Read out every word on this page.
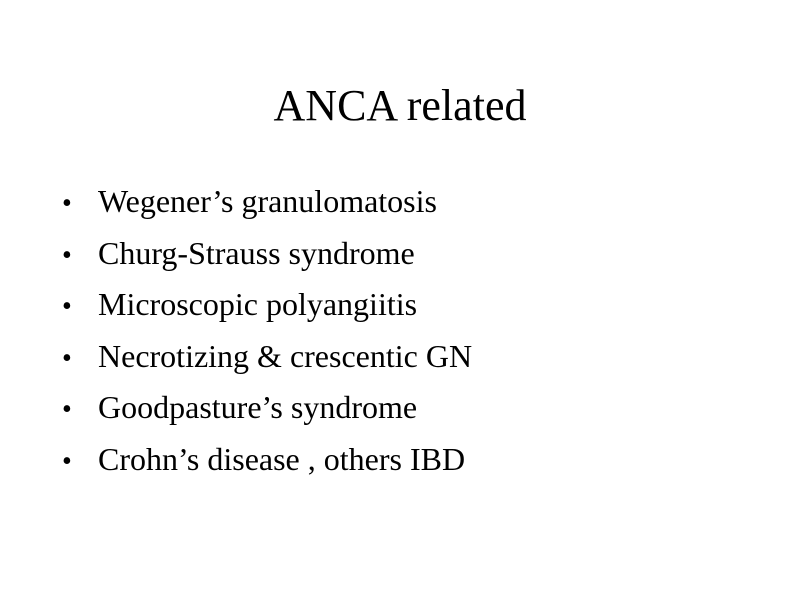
ANCA related
• Wegener’s granulomatosis
• Churg-Strauss syndrome
• Microscopic polyangiitis
• Necrotizing & crescentic GN
• Goodpasture’s syndrome
• Crohn’s disease , others IBD
